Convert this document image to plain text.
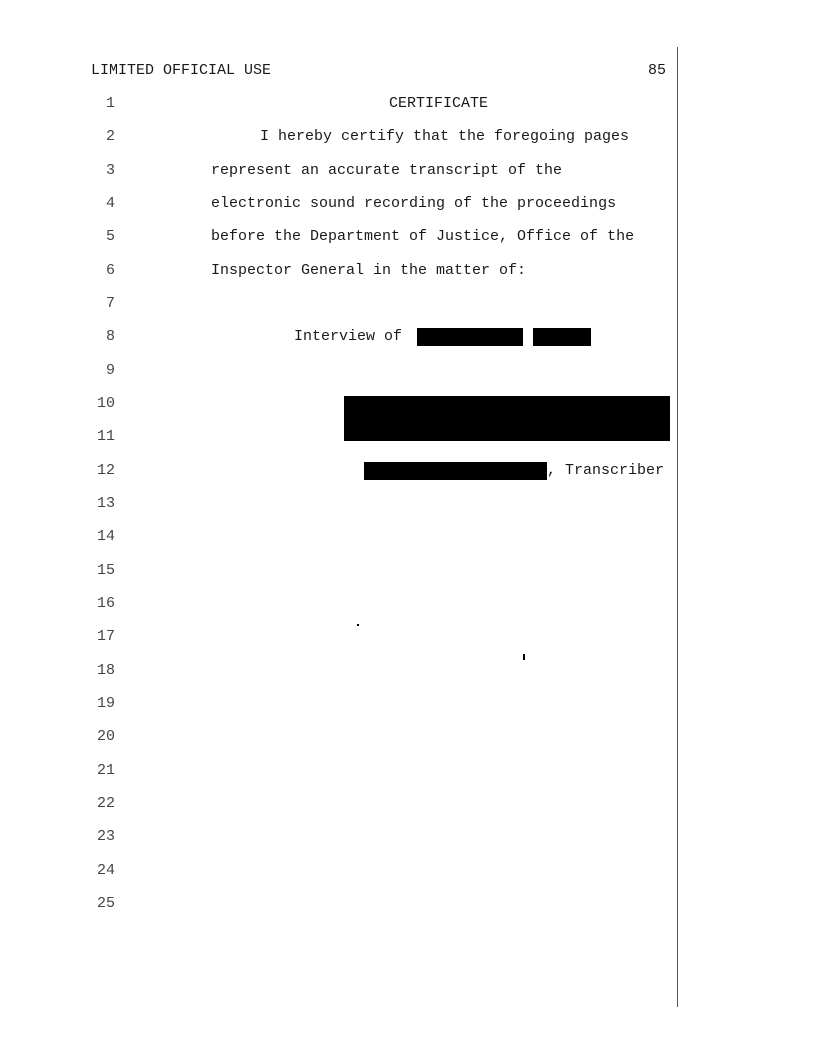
LIMITED OFFICIAL USE	85
1
2
3
4
5
6
7
8
9
10
11
12
13
14
15
16
17
18
19
20
21
22
23
24
25
CERTIFICATE
I hereby certify that the foregoing pages
represent an accurate transcript of the
electronic sound recording of the proceedings
before the Department of Justice, Office of the
Inspector General in the matter of:
Interview of
, Transcriber
